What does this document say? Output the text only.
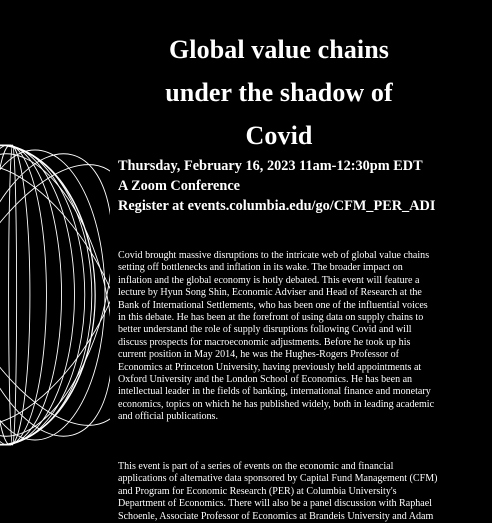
Global value chains
under the shadow of
Covid
Thursday, February 16, 2023 11am-12:30pm EDT
A Zoom Conference
Register at events.columbia.edu/go/CFM_PER_ADI
Covid brought massive disruptions to the intricate web of global value chains
setting off bottlenecks and inflation in its wake. The broader impact on
inflation and the global economy is hotly debated. This event will feature a
lecture by Hyun Song Shin, Economic Adviser and Head of Research at the
Bank of International Settlements, who has been one of the influential voices
in this debate. He has been at the forefront of using data on supply chains to
better understand the role of supply disruptions following Covid and will
discuss prospects for macroeconomic adjustments. Before he took up his
current position in May 2014, he was the Hughes-Rogers Professor of
Economics at Princeton University, having previously held appointments at
Oxford University and the London School of Economics. He has been an
intellectual leader in the fields of banking, international finance and monetary
economics, topics on which he has published widely, both in leading academic
and official publications.
This event is part of a series of events on the economic and financial
applications of alternative data sponsored by Capital Fund Management (CFM)
and Program for Economic Research (PER) at Columbia University's
Department of Economics. There will also be a panel discussion with Raphael
Schoenle, Associate Professor of Economics at Brandeis University and Adam
